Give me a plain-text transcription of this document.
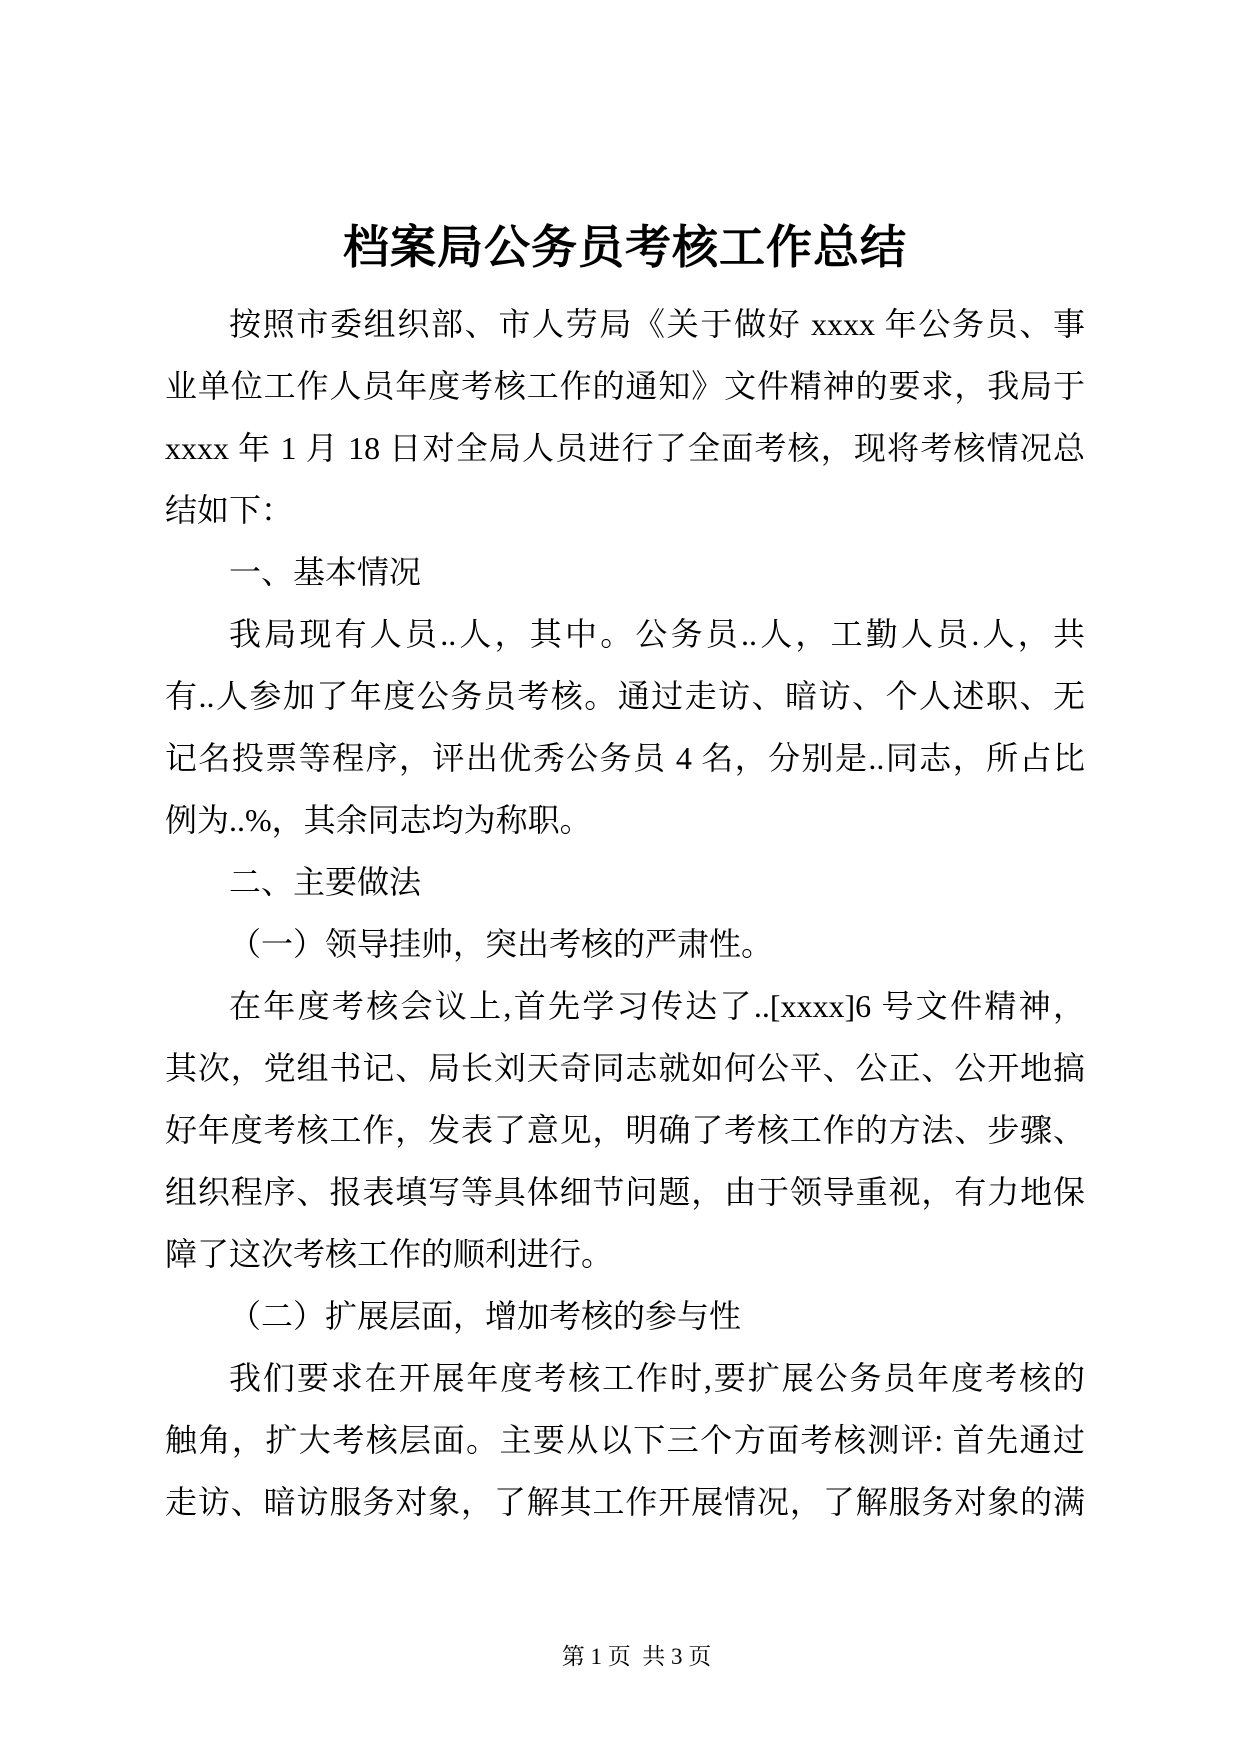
档案局公务员考核工作总结
按照市委组织部、市人劳局《关于做好 xxxx 年公务员、事
业单位工作人员年度考核工作的通知》文件精神的要求，我局于
xxxx 年 1 月 18 日对全局人员进行了全面考核，现将考核情况总
结如下：
一、基本情况
我局现有人员..人，其中。公务员..人，工勤人员.人，共
有..人参加了年度公务员考核。通过走访、暗访、个人述职、无
记名投票等程序，评出优秀公务员 4 名，分别是..同志，所占比
例为..%，其余同志均为称职。
二、主要做法
（一）领导挂帅，突出考核的严肃性。
在年度考核会议上,首先学习传达了..[xxxx]6 号文件精神，
其次，党组书记、局长刘天奇同志就如何公平、公正、公开地搞
好年度考核工作，发表了意见，明确了考核工作的方法、步骤、
组织程序、报表填写等具体细节问题，由于领导重视，有力地保
障了这次考核工作的顺利进行。
（二）扩展层面，增加考核的参与性
我们要求在开展年度考核工作时,要扩展公务员年度考核的
触角，扩大考核层面。主要从以下三个方面考核测评: 首先通过
走访、暗访服务对象，了解其工作开展情况，了解服务对象的满

第 1 页  共 3 页
